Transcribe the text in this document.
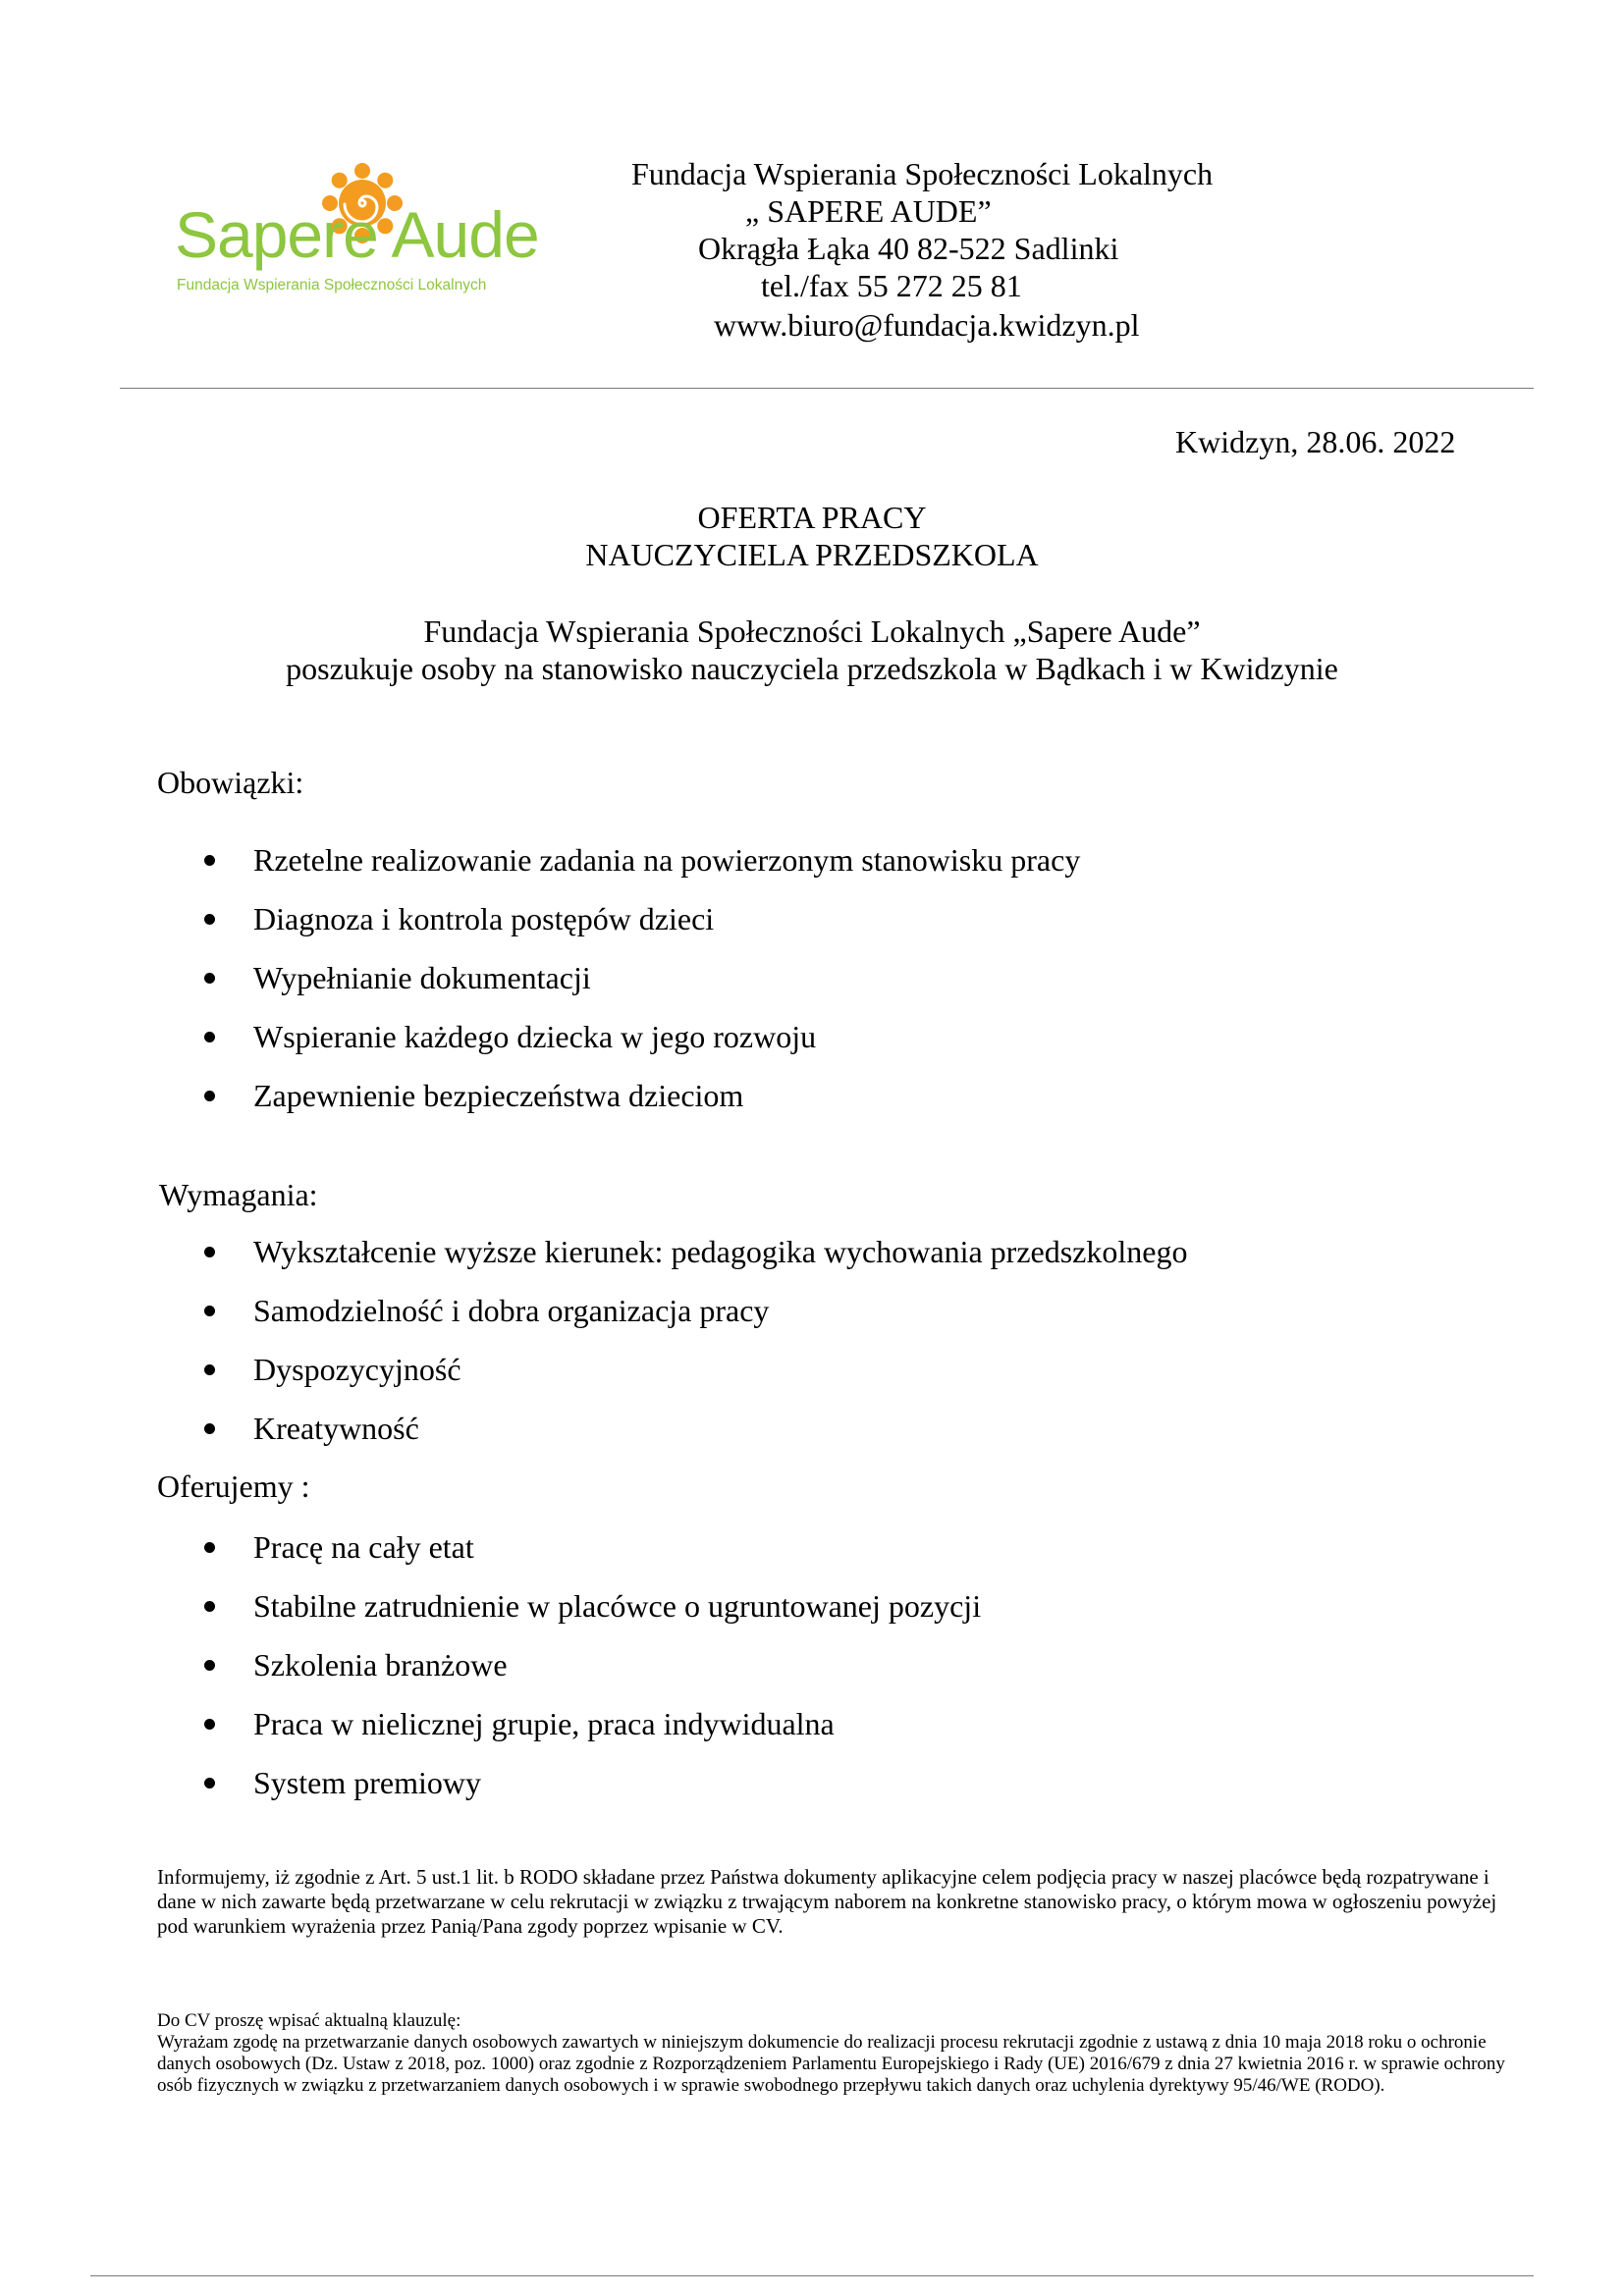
Sapere Aude
Fundacja Wspierania Społeczności Lokalnych
Fundacja Wspierania Społeczności Lokalnych
„ SAPERE AUDE”
Okrągła Łąka 40 82-522 Sadlinki
tel./fax 55 272 25 81
www.biuro@fundacja.kwidzyn.pl
Kwidzyn, 28.06. 2022
OFERTA PRACY
NAUCZYCIELA PRZEDSZKOLA
Fundacja Wspierania Społeczności Lokalnych „Sapere Aude”
poszukuje osoby na stanowisko nauczyciela przedszkola w Bądkach i w Kwidzynie
Obowiązki:
Rzetelne realizowanie zadania na powierzonym stanowisku pracy
Diagnoza i kontrola postępów dzieci
Wypełnianie dokumentacji
Wspieranie każdego dziecka w jego rozwoju
Zapewnienie bezpieczeństwa dzieciom
Wymagania:
Wykształcenie wyższe kierunek: pedagogika wychowania przedszkolnego
Samodzielność i dobra organizacja pracy
Dyspozycyjność
Kreatywność
Oferujemy :
Pracę na cały etat
Stabilne zatrudnienie w placówce o ugruntowanej pozycji
Szkolenia branżowe
Praca w nielicznej grupie, praca indywidualna
System premiowy
Informujemy, iż zgodnie z Art. 5 ust.1 lit. b RODO składane przez Państwa dokumenty aplikacyjne celem podjęcia pracy w naszej placówce będą rozpatrywane i dane w nich zawarte będą przetwarzane w celu rekrutacji w związku z trwającym naborem na konkretne stanowisko pracy, o którym mowa w ogłoszeniu powyżej pod warunkiem wyrażenia przez Panią/Pana zgody poprzez wpisanie w CV.
Do CV proszę wpisać aktualną klauzulę:
Wyrażam zgodę na przetwarzanie danych osobowych zawartych w niniejszym dokumencie do realizacji procesu rekrutacji zgodnie z ustawą z dnia 10 maja 2018 roku o ochronie danych osobowych (Dz. Ustaw z 2018, poz. 1000) oraz zgodnie z Rozporządzeniem Parlamentu Europejskiego i Rady (UE) 2016/679 z dnia 27 kwietnia 2016 r. w sprawie ochrony osób fizycznych w związku z przetwarzaniem danych osobowych i w sprawie swobodnego przepływu takich danych oraz uchylenia dyrektywy 95/46/WE (RODO).
